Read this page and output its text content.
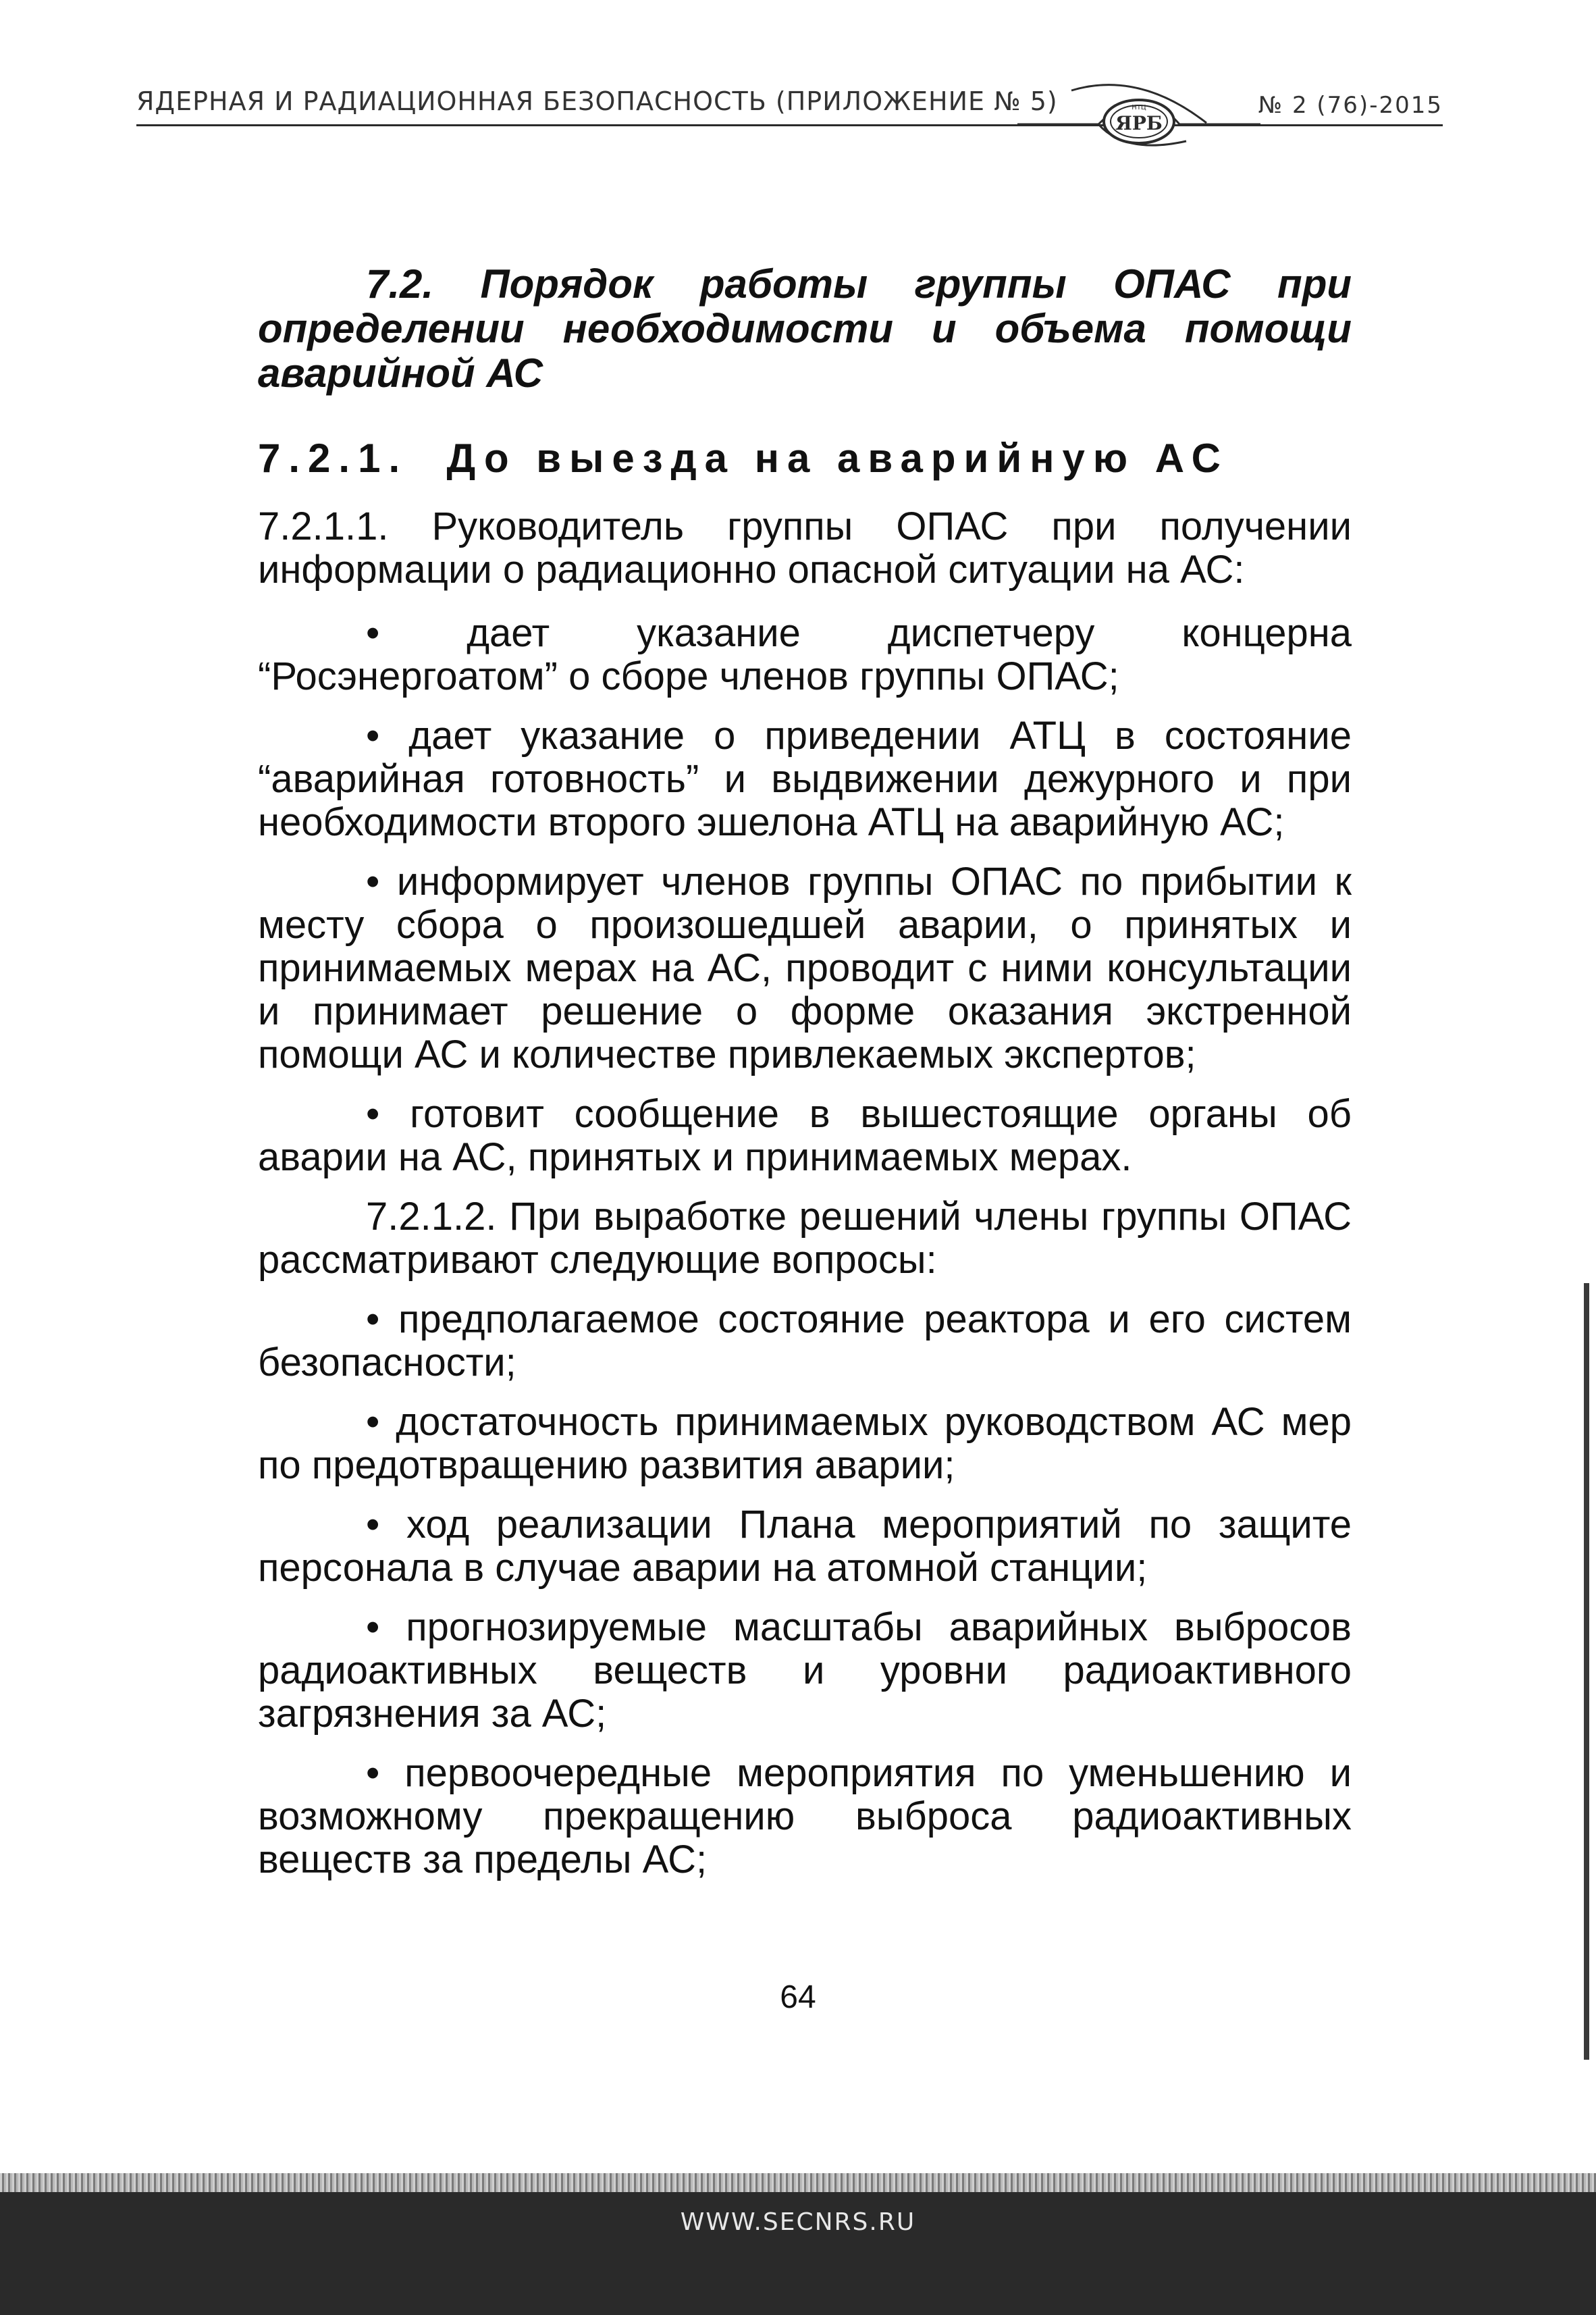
ЯДЕРНАЯ И РАДИАЦИОННАЯ БЕЗОПАСНОСТЬ (ПРИЛОЖЕНИЕ № 5)	НТЦ
ЯРБ
№ 2 (76)-2015

7.2. Порядок работы группы ОПАС при определении необходимости и объема помощи аварийной АС

7.2.1. До выезда на аварийную АС

7.2.1.1. Руководитель группы ОПАС при получении информации о радиационно опасной ситуации на АС:

• дает указание диспетчеру концерна “Росэнергоатом” о сборе членов группы ОПАС;

• дает указание о приведении АТЦ в состояние “аварийная готовность” и выдвижении дежурного и при необходимости второго эшелона АТЦ на аварийную АС;

• информирует членов группы ОПАС по прибытии к месту сбора о произошедшей аварии, о принятых и принимаемых мерах на АС, проводит с ними консультации и принимает решение о форме оказания экстренной помощи АС и количестве привлекаемых экспертов;

• готовит сообщение в вышестоящие органы об аварии на АС, принятых и принимаемых мерах.

7.2.1.2. При выработке решений члены группы ОПАС рассматривают следующие вопросы:

• предполагаемое состояние реактора и его систем безопасности;

• достаточность принимаемых руководством АС мер по предотвращению развития аварии;

• ход реализации Плана мероприятий по защите персонала в случае аварии на атомной станции;

• прогнозируемые масштабы аварийных выбросов радиоактивных веществ и уровни радиоактивного загрязнения за АС;

• первоочередные мероприятия по уменьшению и возможному прекращению выброса радиоактивных веществ за пределы АС;

64
WWW.SECNRS.RU
